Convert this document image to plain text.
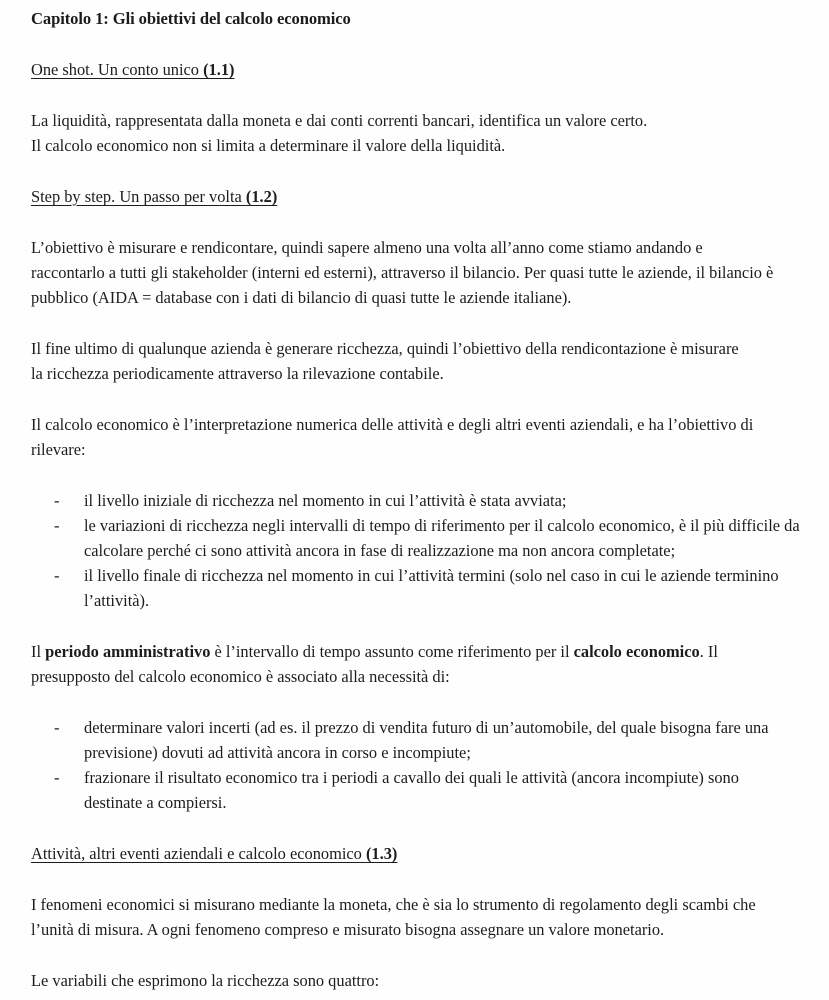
Capitolo 1: Gli obiettivi del calcolo economico
One shot. Un conto unico (1.1)

La liquidità, rappresentata dalla moneta e dai conti correnti bancari, identifica un valore certo.
Il calcolo economico non si limita a determinare il valore della liquidità.

Step by step. Un passo per volta (1.2)

L’obiettivo è misurare e rendicontare, quindi sapere almeno una volta all’anno come stiamo andando e raccontarlo a tutti gli stakeholder (interni ed esterni), attraverso il bilancio. Per quasi tutte le aziende, il bilancio è pubblico (AIDA = database con i dati di bilancio di quasi tutte le aziende italiane).

Il fine ultimo di qualunque azienda è generare ricchezza, quindi l’obiettivo della rendicontazione è misurare la ricchezza periodicamente attraverso la rilevazione contabile.

Il calcolo economico è l’interpretazione numerica delle attività e degli altri eventi aziendali, e ha l’obiettivo di rilevare:

- il livello iniziale di ricchezza nel momento in cui l’attività è stata avviata;
- le variazioni di ricchezza negli intervalli di tempo di riferimento per il calcolo economico, è il più difficile da calcolare perché ci sono attività ancora in fase di realizzazione ma non ancora completate;
- il livello finale di ricchezza nel momento in cui l’attività termini (solo nel caso in cui le aziende terminino l’attività).

Il periodo amministrativo è l’intervallo di tempo assunto come riferimento per il calcolo economico. Il presupposto del calcolo economico è associato alla necessità di:

- determinare valori incerti (ad es. il prezzo di vendita futuro di un’automobile, del quale bisogna fare una previsione) dovuti ad attività ancora in corso e incompiute;
- frazionare il risultato economico tra i periodi a cavallo dei quali le attività (ancora incompiute) sono destinate a compiersi.
Attività, altri eventi aziendali e calcolo economico (1.3)

I fenomeni economici si misurano mediante la moneta, che è sia lo strumento di regolamento degli scambi che l’unità di misura. A ogni fenomeno compreso e misurato bisogna assegnare un valore monetario.

Le variabili che esprimono la ricchezza sono quattro:
